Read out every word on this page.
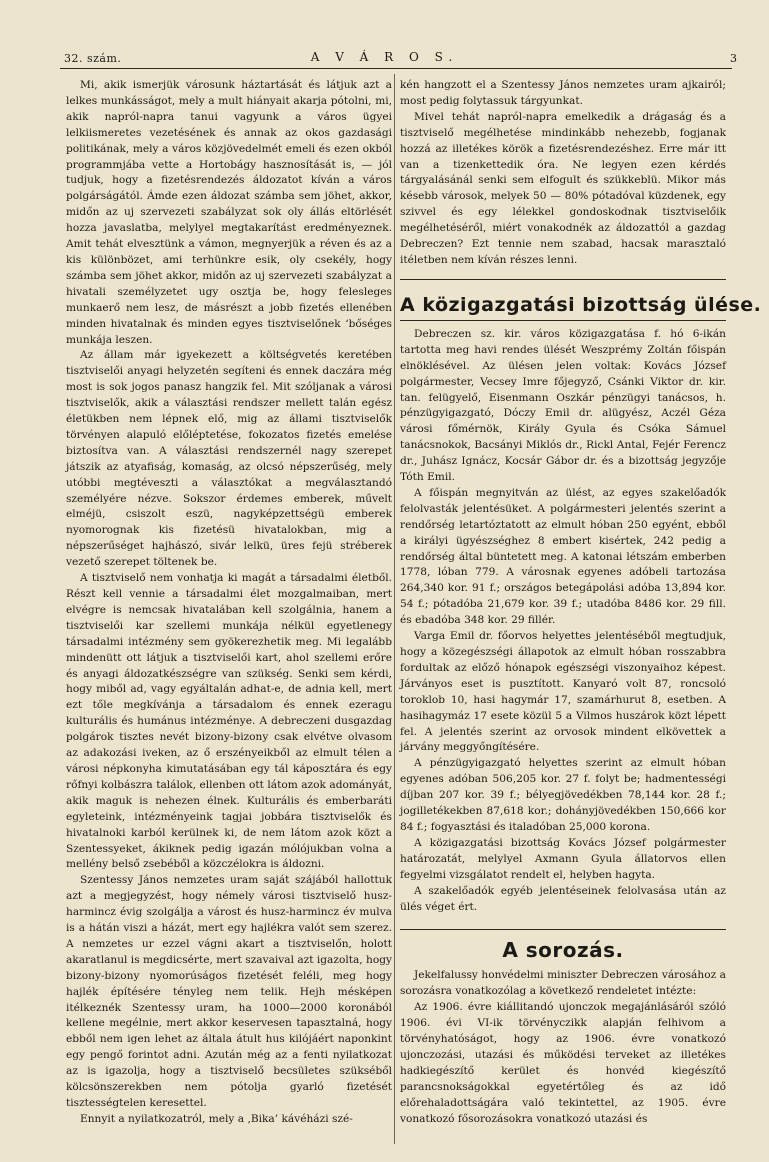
32. szám.	A V Á R O S.	3

Mi, akik ismerjük városunk háztartását és látjuk azt a lelkes munkásságot, mely a mult hiányait akarja pótolni, mi, akik napról-napra tanui vagyunk a város ügyei lelkiismeretes vezetésének és annak az okos gazdasági politikának, mely a város közjövedelmét emeli és ezen okból programmjába vette a Hortobágy hasznosítását is, — jól tudjuk, hogy a fizetésrendezés áldozatot kíván a város polgárságától. Ámde ezen áldozat számba sem jöhet, akkor, midőn az uj szervezeti szabályzat sok oly állás eltörlését hozza javaslatba, melylyel megtakarítást eredményeznek. Amit tehát elvesztünk a vámon, megnyerjük a réven és az a kis különbözet, ami terhünkre esik, oly csekély, hogy számba sem jöhet akkor, midőn az uj szervezeti szabályzat a hivatali személyzetet ugy osztja be, hogy felesleges munkaerő nem lesz, de másrészt a jobb fizetés ellenében minden hivatalnak és minden egyes tisztviselőnek ‘bőséges munkája leszen.

Az állam már igyekezett a költségvetés keretében tisztviselői anyagi helyzetén segíteni és ennek daczára még most is sok jogos panasz hangzik fel. Mit szóljanak a városi tisztviselők, akik a választási rendszer mellett talán egész életükben nem lépnek elő, mig az állami tisztviselők törvényen alapuló előléptetése, fokozatos fizetés emelése biztosítva van. A választási rendszernél nagy szerepet játszik az atyafiság, komaság, az olcsó népszerűség, mely utóbbi megtéveszti a választókat a megválasztandó személyére nézve. Sokszor érdemes emberek, művelt elméjü, csiszolt eszü, nagyképzettségü emberek nyomorognak kis fizetésü hivatalokban, mig a népszerűséget hajhászó, sivár lelkü, üres fejü stréberek vezető szerepet töltenek be.

A tisztviselő nem vonhatja ki magát a társadalmi életből. Részt kell vennie a társadalmi élet mozgalmaiban, mert elvégre is nemcsak hivatalában kell szolgálnia, hanem a tisztviselői kar szellemi munkája nélkül egyetlenegy társadalmi intézmény sem gyökerezhetik meg. Mi legalább mindenütt ott látjuk a tisztviselői kart, ahol szellemi erőre és anyagi áldozatkészségre van szükség. Senki sem kérdi, hogy miből ad, vagy egyáltalán adhat-e, de adnia kell, mert ezt tőle megkívánja a társadalom és ennek ezeragu kulturális és humánus intézménye. A debreczeni dusgazdag polgárok tisztes nevét bizony-bizony csak elvétve olvasom az adakozási iveken, az ő erszényeikből az elmult télen a városi népkonyha kimutatásában egy tál káposztára és egy rőfnyi kolbászra találok, ellenben ott látom azok adományát, akik maguk is nehezen élnek. Kulturális és emberbaráti egyleteink, intézményeink tagjai jobbára tisztviselők és hivatalnoki karból kerülnek ki, de nem látom azok közt a Szentessyeket, ákiknek pedig igazán mólójukban volna a mellény belső zsebéből a közczélokra is áldozni.

Szentessy János nemzetes uram saját szájából hallottuk azt a megjegyzést, hogy némely városi tisztviselő husz-harmincz évig szolgálja a várost és husz-harmincz év mulva is a hátán viszi a házát, mert egy hajlékra valót sem szerez. A nemzetes ur ezzel vágni akart a tisztviselőn, holott akaratlanul is megdicsérte, mert szavaival azt igazolta, hogy bizony-bizony nyomorúságos fizetését feléli, meg hogy hajlék építésére tényleg nem telik. Hejh mésképen itélkeznék Szentessy uram, ha 1000—2000 koronából kellene megélnie, mert akkor keservesen tapasztalná, hogy ebből nem igen lehet az általa átult hus kilójáért naponkint egy pengő forintot adni. Azután még az a fenti nyilatkozat az is igazolja, hogy a tisztviselő becsületes szükséből kölcsönszerekben nem pótolja gyarló fizetését tisztességtelen keresettel.

Ennyit a nyilatkozatról, mely a ‚Bika’ kávéházi szé-

kén hangzott el a Szentessy János nemzetes uram ajkairól; most pedig folytassuk tárgyunkat.

Mivel tehát napról-napra emelkedik a drágaság és a tisztviselő megélhetése mindinkább nehezebb, fogjanak hozzá az illetékes körök a fizetésrendezéshez. Erre már itt van a tizenkettedik óra. Ne legyen ezen kérdés tárgyalásánál senki sem elfogult és szükkeblü. Mikor más késebb városok, melyek 50 — 80% pótadóval küzdenek, egy szivvel és egy lélekkel gondoskodnak tisztviselőik megélhetéséről, miért vonakodnék az áldozattól a gazdag Debreczen? Ezt tennie nem szabad, hacsak marasztaló itéletben nem kíván részes lenni.

A közigazgatási bizottság ülése.

Debreczen sz. kir. város közigazgatása f. hó 6-ikán tartotta meg havi rendes ülését Weszprémy Zoltán főispán elnöklésével. Az ülésen jelen voltak: Kovács József polgármester, Vecsey Imre főjegyző, Csánki Viktor dr. kir. tan. felügyelő, Eisenmann Oszkár pénzügyi tanácsos, h. pénzügyigazgató, Dóczy Emil dr. alügyész, Aczél Géza városi főmérnök, Király Gyula és Csóka Sámuel tanácsnokok, Bacsányi Miklós dr., Rickl Antal, Fejér Ferencz dr., Juhász Ignácz, Kocsár Gábor dr. és a bizottság jegyzője Tóth Emil.

A főispán megnyitván az ülést, az egyes szakelőadók felolvasták jelentésüket. A polgármesteri jelentés szerint a rendőrség letartóztatott az elmult hóban 250 egyént, ebből a királyi ügyészséghez 8 embert kisértek, 242 pedig a rendőrség által büntetett meg. A katonai létszám emberben 1778, lóban 779. A városnak egyenes adóbeli tartozása 264,340 kor. 91 f.; országos betegápolási adóba 13,894 kor. 54 f.; pótadóba 21,679 kor. 39 f.; utadóba 8486 kor. 29 fill. és ebadóba 348 kor. 29 fillér.

Varga Emil dr. főorvos helyettes jelentéséből megtudjuk, hogy a közegészségi állapotok az elmult hóban rosszabbra fordultak az előző hónapok egészségi viszonyaihoz képest. Járványos eset is pusztított. Kanyaró volt 87, roncsoló toroklob 10, hasi hagymár 17, szamárhurut 8, esetben. A hasihagymáz 17 esete közül 5 a Vilmos huszárok közt lépett fel. A jelentés szerint az orvosok mindent elkövettek a járvány meggyőngítésére.

A pénzügyigazgató helyettes szerint az elmult hóban egyenes adóban 506,205 kor. 27 f. folyt be; hadmentességi díjban 207 kor. 39 f.; bélyegjövedékben 78,144 kor. 28 f.; jogilletékekben 87,618 kor.; dohányjövedékben 150,666 kor 84 f.; fogyasztási és italadóban 25,000 korona.

A közigazgatási bizottság Kovács József polgármester határozatát, melylyel Axmann Gyula állatorvos ellen fegyelmi vizsgálatot rendelt el, helyben hagyta.

A szakelőadók egyéb jelentéseinek felolvasása után az ülés véget ért.

A sorozás.

Jekelfalussy honvédelmi miniszter Debreczen városához a sorozásra vonatkozólag a következő rendeletet intézte:

Az 1906. évre kiállitandó ujonczok megajánlásáról szóló 1906. évi VI-ik törvényczikk alapján felhivom a törvényhatóságot, hogy az 1906. évre vonatkozó ujonczozási, utazási és működési terveket az illetékes hadkiegészítő kerület és honvéd kiegészítő parancsnokságokkal egyetértőleg és az idő előrehaladottságára való tekintettel, az 1905. évre vonatkozó fősorozásokra vonatkozó utazási és
